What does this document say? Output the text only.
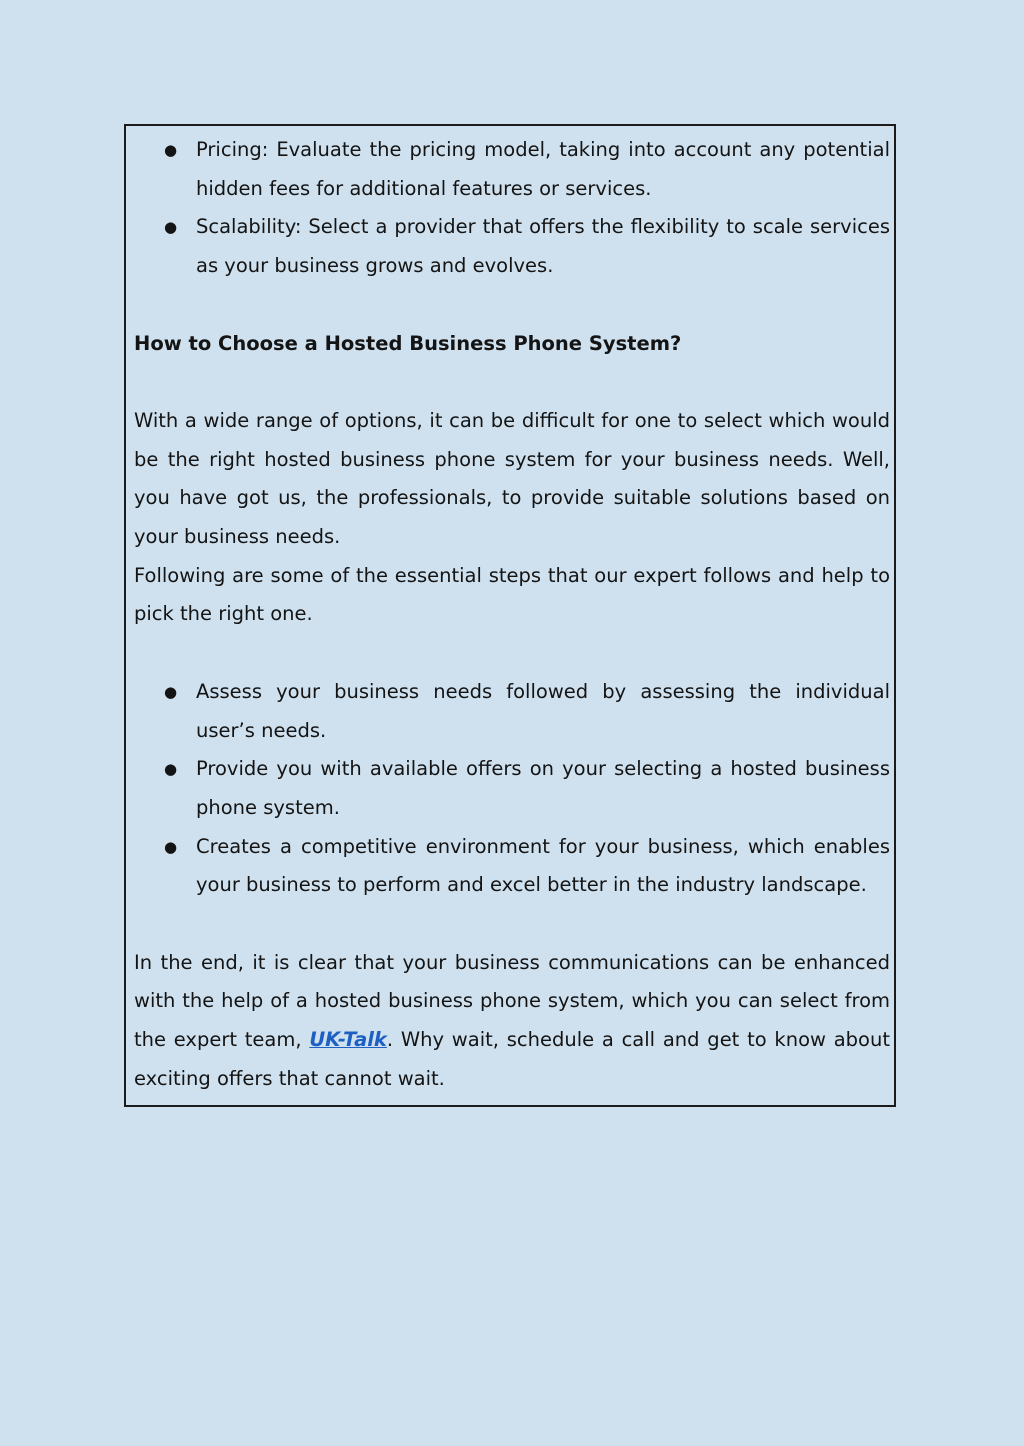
● Pricing: Evaluate the pricing model, taking into account any potential hidden fees for additional features or services.
● Scalability: Select a provider that offers the flexibility to scale services as your business grows and evolves.

How to Choose a Hosted Business Phone System?

With a wide range of options, it can be difficult for one to select which would be the right hosted business phone system for your business needs. Well, you have got us, the professionals, to provide suitable solutions based on your business needs.

Following are some of the essential steps that our expert follows and help to pick the right one.

● Assess your business needs followed by assessing the individual user’s needs.
● Provide you with available offers on your selecting a hosted business phone system.
● Creates a competitive environment for your business, which enables your business to perform and excel better in the industry landscape.

In the end, it is clear that your business communications can be enhanced with the help of a hosted business phone system, which you can select from the expert team, UK-Talk. Why wait, schedule a call and get to know about exciting offers that cannot wait.
